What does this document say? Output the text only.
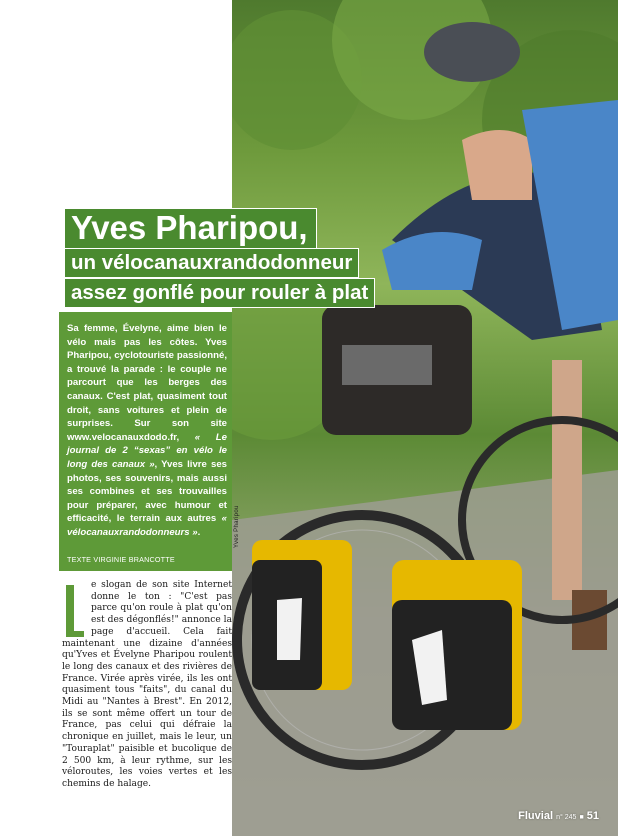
Yves Pharipou
Yves Pharipou,
un vélocanauxrandodonneur
assez gonflé pour rouler à plat
Sa femme, Évelyne, aime bien le vélo mais pas les côtes. Yves Pharipou, cyclotouriste passionné, a trouvé la parade : le couple ne parcourt que les berges des canaux. C'est plat, quasiment tout droit, sans voitures et plein de surprises. Sur son site www.velocanauxdodo.fr, « Le journal de 2 “sexas” en vélo le long des canaux », Yves livre ses photos, ses souvenirs, mais aussi ses combines et ses trouvailles pour préparer, avec humour et efficacité, le terrain aux autres « vélocanauxrandodonneurs ».
TEXTE VIRGINIE BRANCOTTE
e slogan de son site Internet donne le ton : "C'est pas parce qu'on roule à plat qu'on est des dégonflés!" annonce la page d'accueil. Cela fait maintenant une dizaine d'années qu'Yves et Évelyne Pharipou roulent le long des canaux et des rivières de France. Virée après virée, ils les ont quasiment tous "faits", du canal du Midi au "Nantes à Brest". En 2012, ils se sont même offert un tour de France, pas celui qui défraie la chronique en juillet, mais le leur, un "Touraplat" paisible et bucolique de 2 500 km, à leur rythme, sur les véloroutes, les voies vertes et les chemins de halage.
Fluvial n° 245 ■ 51
